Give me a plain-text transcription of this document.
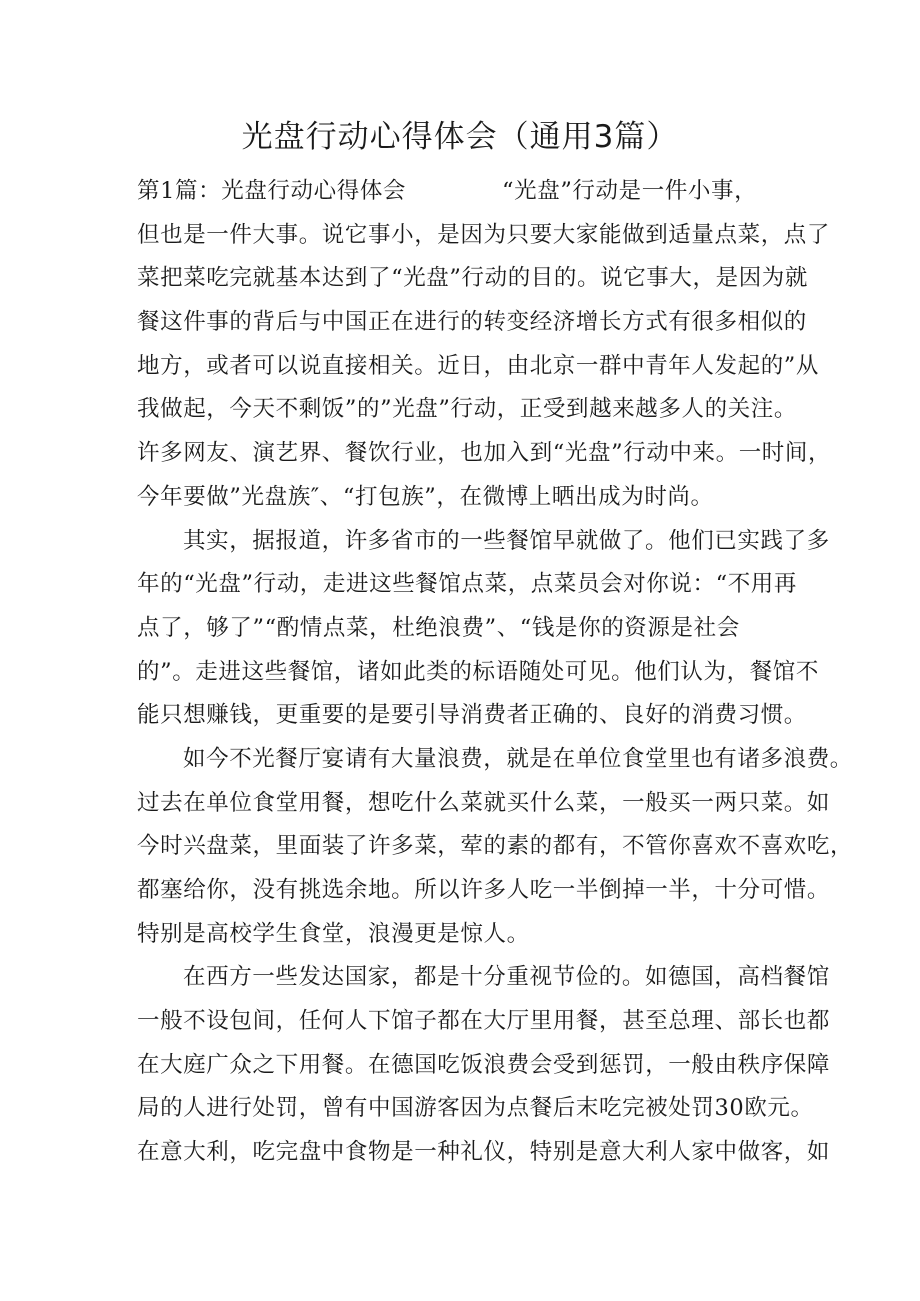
光盘行动心得体会（通用3篇）
第1篇：光盘行动心得体会	“光盘”行动是一件小事，
但也是一件大事。说它事小，是因为只要大家能做到适量点菜，点了
菜把菜吃完就基本达到了“光盘”行动的目的。说它事大，是因为就
餐这件事的背后与中国正在进行的转变经济增长方式有很多相似的
地方，或者可以说直接相关。近日，由北京一群中青年人发起的”从
我做起，今天不剩饭”的”光盘”行动，正受到越来越多人的关注。
许多网友、演艺界、餐饮行业，也加入到“光盘”行动中来。一时间，
今年要做”光盘族″、“打包族”，在微博上晒出成为时尚。
其实，据报道，许多省市的一些餐馆早就做了。他们已实践了多
年的“光盘”行动，走进这些餐馆点菜，点菜员会对你说：“不用再
点了，够了”“酌情点菜，杜绝浪费”、“钱是你的资源是社会
的”。走进这些餐馆，诸如此类的标语随处可见。他们认为，餐馆不
能只想赚钱，更重要的是要引导消费者正确的、良好的消费习惯。
如今不光餐厅宴请有大量浪费，就是在单位食堂里也有诸多浪费。
过去在单位食堂用餐，想吃什么菜就买什么菜，一般买一两只菜。如
今时兴盘菜，里面装了许多菜，荤的素的都有，不管你喜欢不喜欢吃，
都塞给你，没有挑选余地。所以许多人吃一半倒掉一半，十分可惜。
特别是高校学生食堂，浪漫更是惊人。
在西方一些发达国家，都是十分重视节俭的。如德国，高档餐馆
一般不设包间，任何人下馆子都在大厅里用餐，甚至总理、部长也都
在大庭广众之下用餐。在德国吃饭浪费会受到惩罚，一般由秩序保障
局的人进行处罚，曾有中国游客因为点餐后末吃完被处罚30欧元。
在意大利，吃完盘中食物是一种礼仪，特别是意大利人家中做客，如
